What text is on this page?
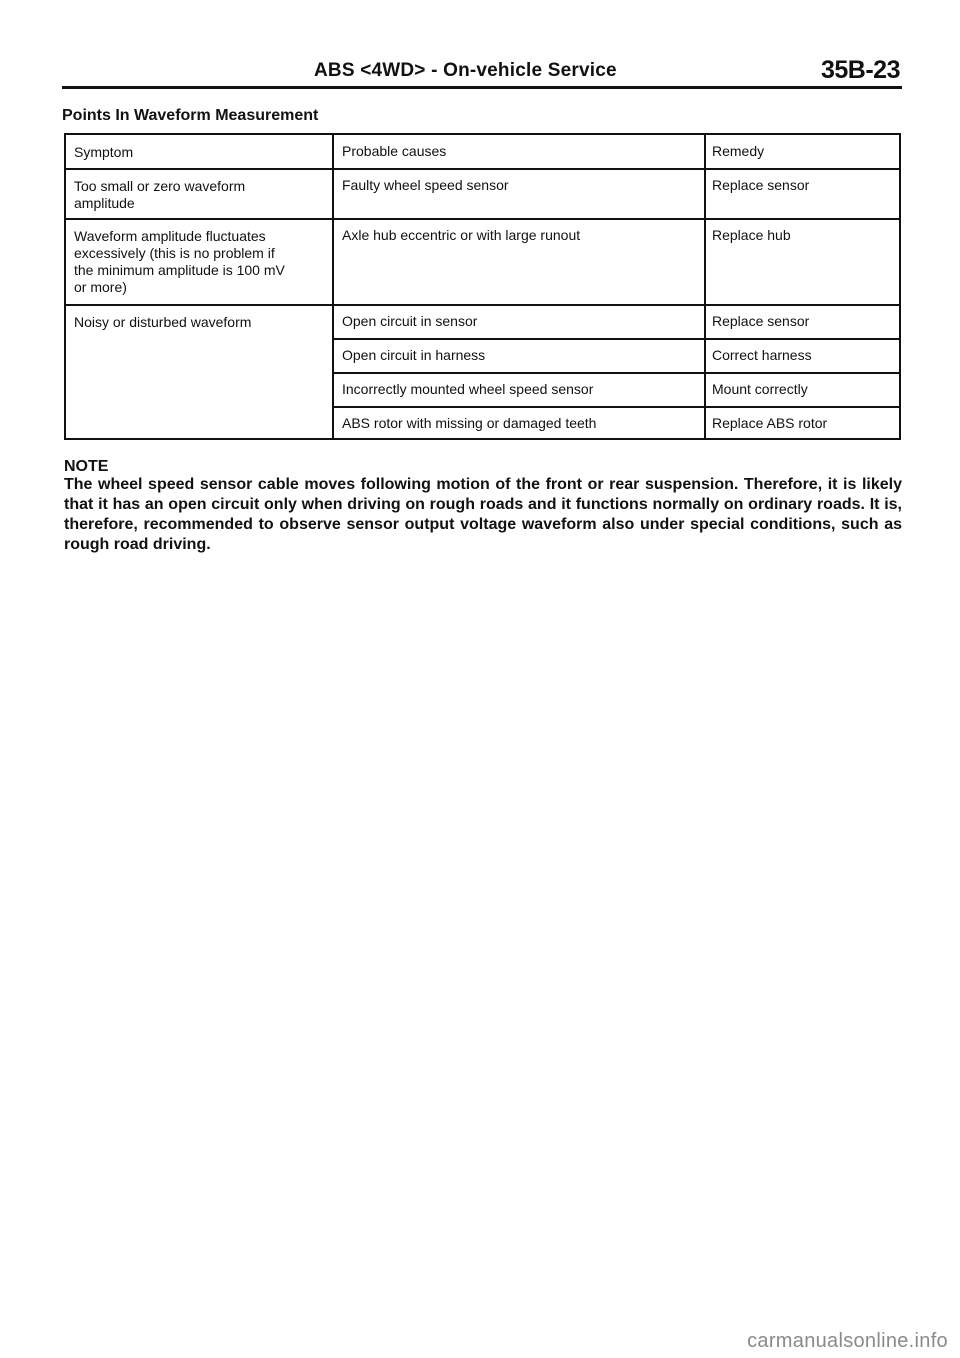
ABS <4WD> - On-vehicle Service	35B-23
Points In Waveform Measurement
Symptom	Probable causes	Remedy
Too small or zero waveform
amplitude
Faulty wheel speed sensor	Replace sensor
Waveform amplitude fluctuates
excessively (this is no problem if
the minimum amplitude is 100 mV
or more)
Axle hub eccentric or with large runout	Replace hub
Noisy or disturbed waveform	Open circuit in sensor	Replace sensor
Open circuit in harness	Correct harness
Incorrectly mounted wheel speed sensor	Mount correctly
ABS rotor with missing or damaged teeth	Replace ABS rotor
NOTE
The wheel speed sensor cable moves following motion of the front or rear suspension. Therefore, it is likely that it has an open circuit only when driving on rough roads and it functions normally on ordinary roads. It is, therefore, recommended to observe sensor output voltage waveform also under special conditions, such as rough road driving.
carmanualsonline.info
